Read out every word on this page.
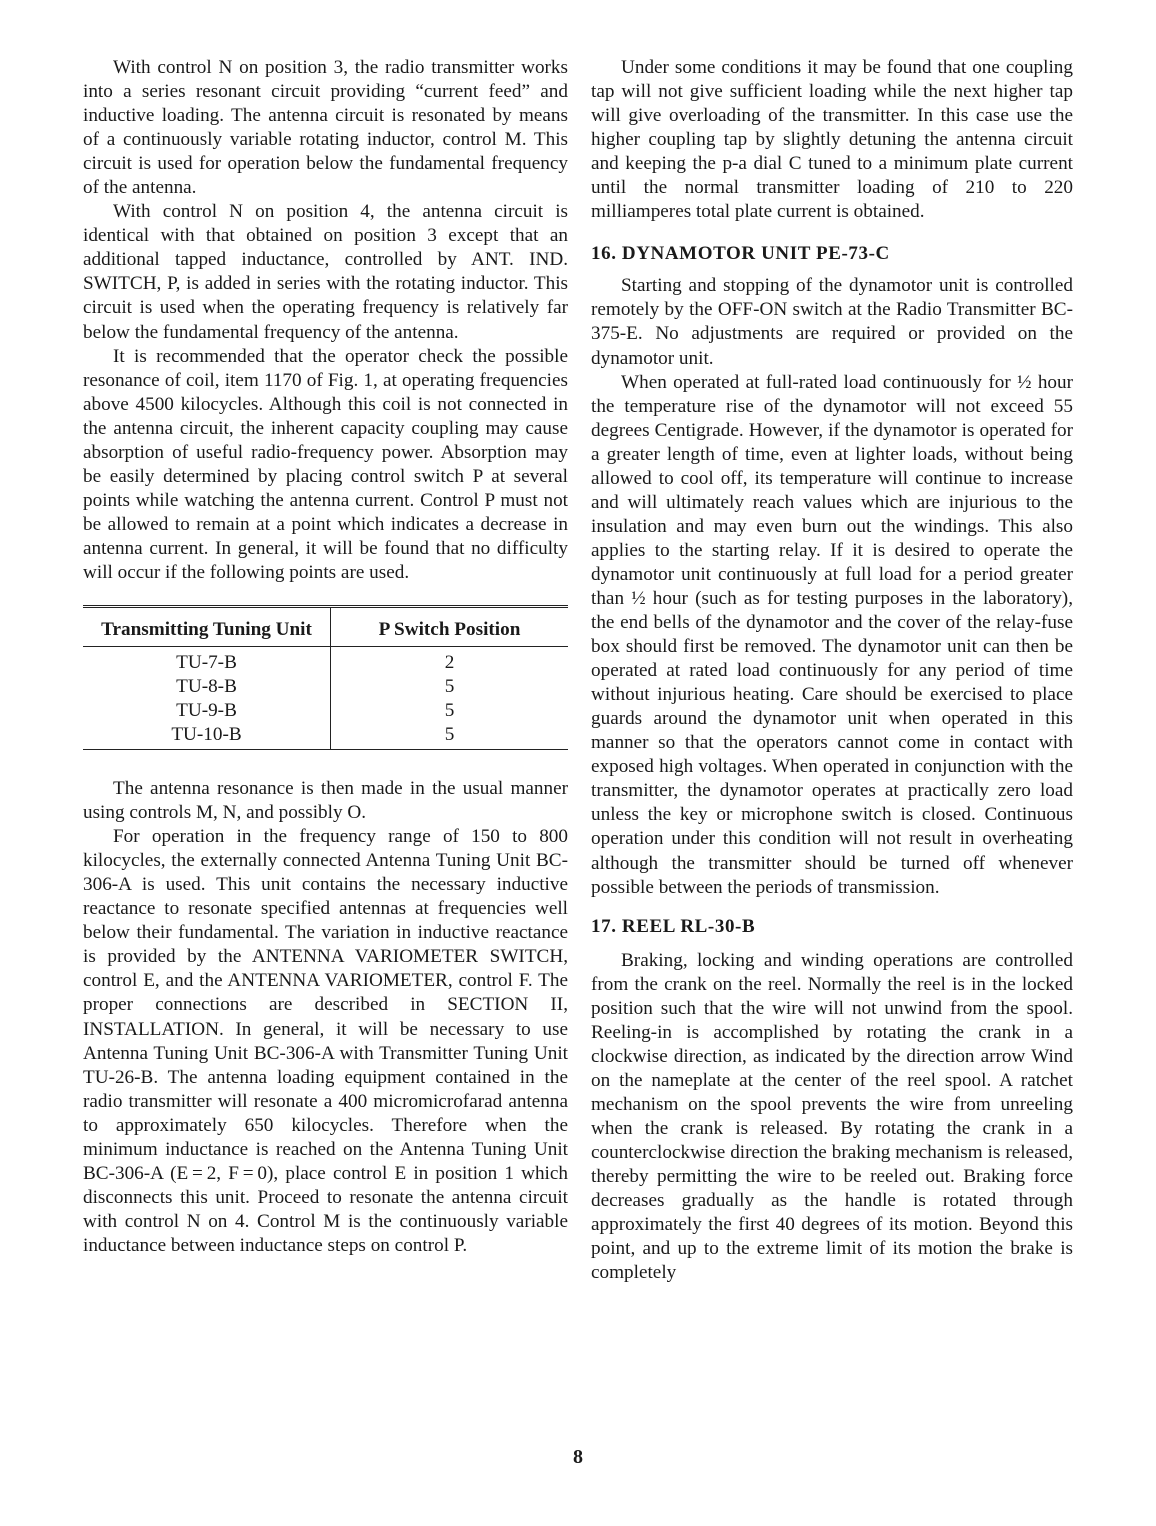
With control N on position 3, the radio transmitter works into a series resonant circuit providing “current feed” and inductive loading. The antenna circuit is resonated by means of a continuously variable rotating inductor, control M. This circuit is used for operation below the fundamental frequency of the antenna.

With control N on position 4, the antenna circuit is identical with that obtained on position 3 except that an additional tapped inductance, controlled by ANT. IND. SWITCH, P, is added in series with the rotating inductor. This circuit is used when the operating frequency is relatively far below the fundamental frequency of the antenna.

It is recommended that the operator check the possible resonance of coil, item 1170 of Fig. 1, at operating frequencies above 4500 kilocycles. Although this coil is not connected in the antenna circuit, the inherent capacity coupling may cause absorption of useful radio-frequency power. Absorption may be easily determined by placing control switch P at several points while watching the antenna current. Control P must not be allowed to remain at a point which indicates a decrease in antenna current. In general, it will be found that no difficulty will occur if the following points are used.

Transmitting Tuning Unit	P Switch Position
TU-7-B	2
TU-8-B	5
TU-9-B	5
TU-10-B	5

The antenna resonance is then made in the usual manner using controls M, N, and possibly O.

For operation in the frequency range of 150 to 800 kilocycles, the externally connected Antenna Tuning Unit BC-306-A is used. This unit contains the necessary inductive reactance to resonate specified antennas at frequencies well below their fundamental. The variation in inductive reactance is provided by the ANTENNA VARIOMETER SWITCH, control E, and the ANTENNA VARIOMETER, control F. The proper connections are described in SECTION II, INSTALLATION. In general, it will be necessary to use Antenna Tuning Unit BC-306-A with Transmitter Tuning Unit TU-26-B. The antenna loading equipment contained in the radio transmitter will resonate a 400 micromicrofarad antenna to approximately 650 kilocycles. Therefore when the minimum inductance is reached on the Antenna Tuning Unit BC-306-A (E = 2, F = 0), place control E in position 1 which disconnects this unit. Proceed to resonate the antenna circuit with control N on 4. Control M is the continuously variable inductance between inductance steps on control P.

Under some conditions it may be found that one coupling tap will not give sufficient loading while the next higher tap will give overloading of the transmitter. In this case use the higher coupling tap by slightly detuning the antenna circuit and keeping the p-a dial C tuned to a minimum plate current until the normal transmitter loading of 210 to 220 milliamperes total plate current is obtained.

16. DYNAMOTOR UNIT PE-73-C

Starting and stopping of the dynamotor unit is controlled remotely by the OFF-ON switch at the Radio Transmitter BC-375-E. No adjustments are required or provided on the dynamotor unit.

When operated at full-rated load continuously for ½ hour the temperature rise of the dynamotor will not exceed 55 degrees Centigrade. However, if the dynamotor is operated for a greater length of time, even at lighter loads, without being allowed to cool off, its temperature will continue to increase and will ultimately reach values which are injurious to the insulation and may even burn out the windings. This also applies to the starting relay. If it is desired to operate the dynamotor unit continuously at full load for a period greater than ½ hour (such as for testing purposes in the laboratory), the end bells of the dynamotor and the cover of the relay-fuse box should first be removed. The dynamotor unit can then be operated at rated load continuously for any period of time without injurious heating. Care should be exercised to place guards around the dynamotor unit when operated in this manner so that the operators cannot come in contact with exposed high voltages. When operated in conjunction with the transmitter, the dynamotor operates at practically zero load unless the key or microphone switch is closed. Continuous operation under this condition will not result in overheating although the transmitter should be turned off whenever possible between the periods of transmission.

17. REEL RL-30-B

Braking, locking and winding operations are controlled from the crank on the reel. Normally the reel is in the locked position such that the wire will not unwind from the spool. Reeling-in is accomplished by rotating the crank in a clockwise direction, as indicated by the direction arrow Wind on the nameplate at the center of the reel spool. A ratchet mechanism on the spool prevents the wire from unreeling when the crank is released. By rotating the crank in a counterclockwise direction the braking mechanism is released, thereby permitting the wire to be reeled out. Braking force decreases gradually as the handle is rotated through approximately the first 40 degrees of its motion. Beyond this point, and up to the extreme limit of its motion the brake is completely

8
